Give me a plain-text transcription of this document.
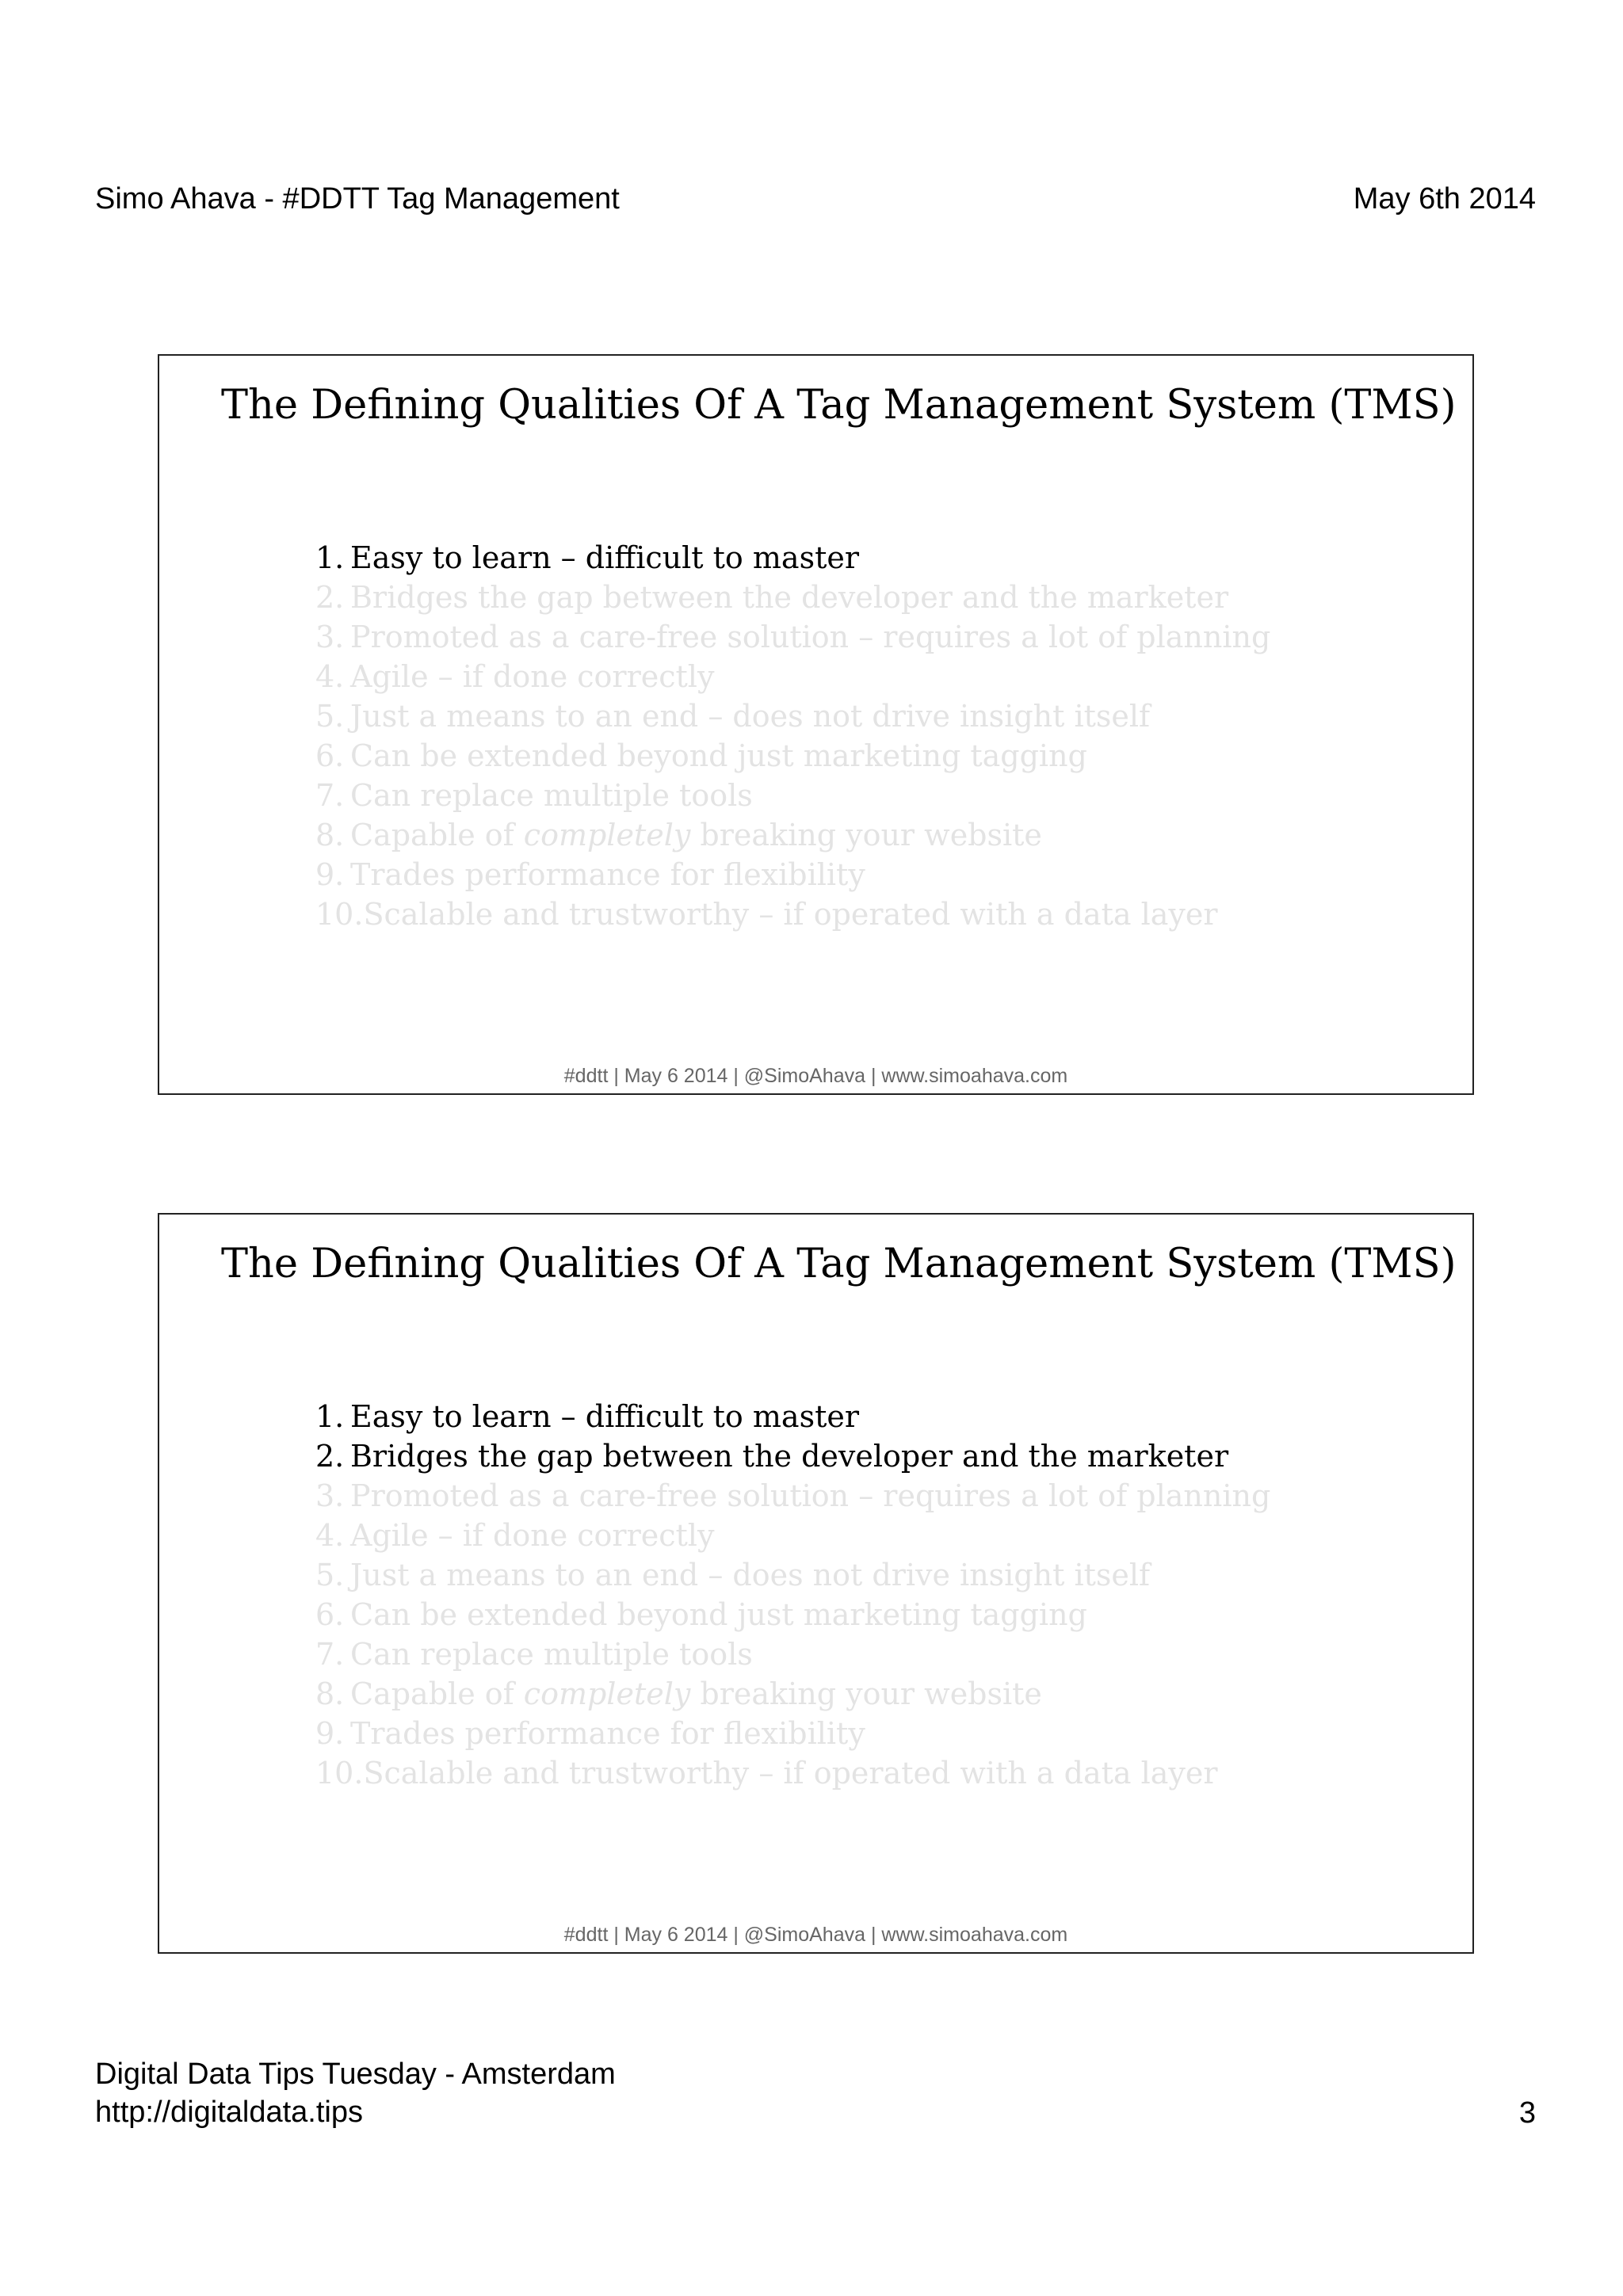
Simo Ahava - #DDTT Tag Management	May 6th 2014
The Defining Qualities Of A Tag Management System (TMS)
1. Easy to learn – difficult to master
2. Bridges the gap between the developer and the marketer
3. Promoted as a care-free solution – requires a lot of planning
4. Agile – if done correctly
5. Just a means to an end – does not drive insight itself
6. Can be extended beyond just marketing tagging
7. Can replace multiple tools
8. Capable of completely breaking your website
9. Trades performance for flexibility
10.Scalable and trustworthy – if operated with a data layer
#ddtt | May 6 2014 | @SimoAhava | www.simoahava.com
The Defining Qualities Of A Tag Management System (TMS)
1. Easy to learn – difficult to master
2. Bridges the gap between the developer and the marketer
3. Promoted as a care-free solution – requires a lot of planning
4. Agile – if done correctly
5. Just a means to an end – does not drive insight itself
6. Can be extended beyond just marketing tagging
7. Can replace multiple tools
8. Capable of completely breaking your website
9. Trades performance for flexibility
10.Scalable and trustworthy – if operated with a data layer
#ddtt | May 6 2014 | @SimoAhava | www.simoahava.com
Digital Data Tips Tuesday - Amsterdam
http://digitaldata.tips	3
